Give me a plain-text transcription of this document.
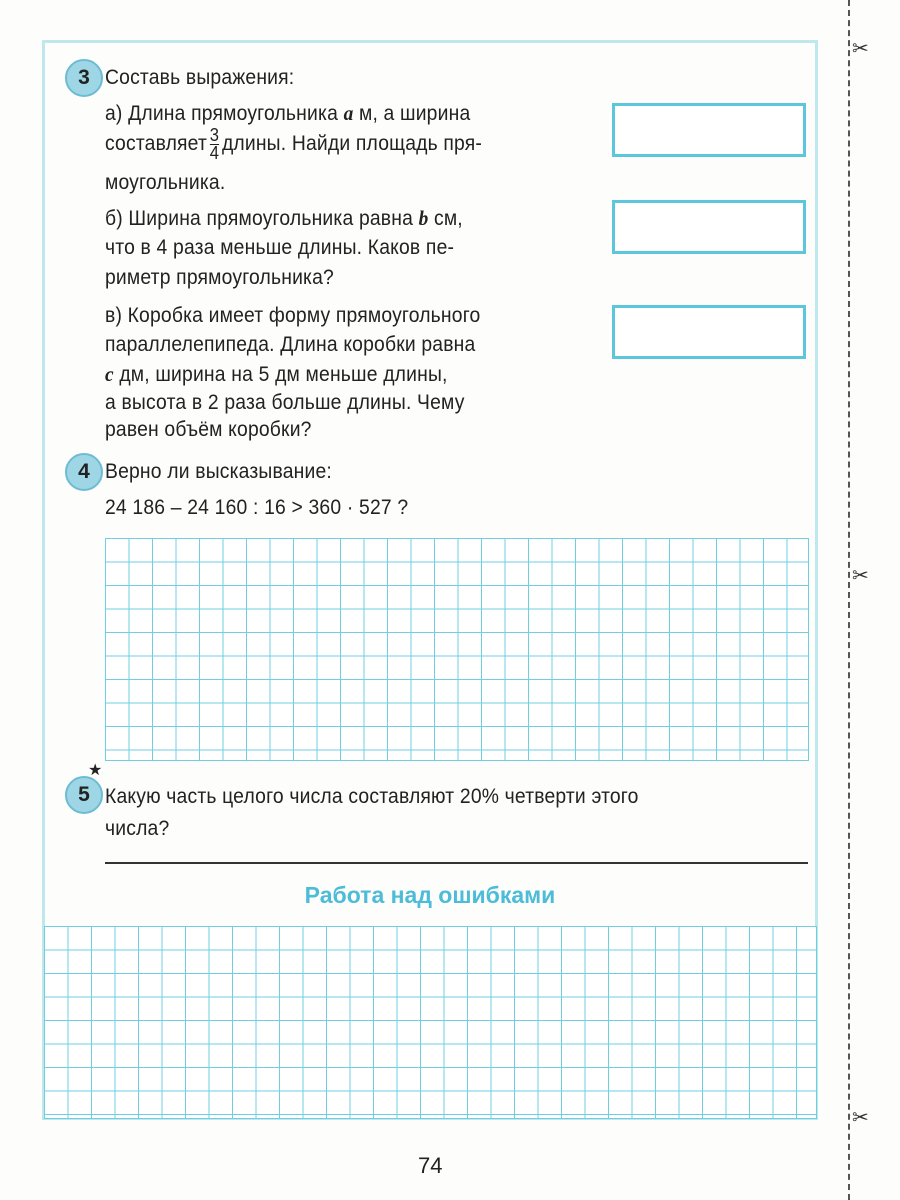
✂
✂
✂
3 Составь выражения:
а) Длина прямоугольника a м, а ширина
составляет $\frac{3}{4}$ длины. Найди площадь пря-
моугольника.
б) Ширина прямоугольника равна b см,
что в 4 раза меньше длины. Каков пе-
риметр прямоугольника?
в) Коробка имеет форму прямоугольного
параллелепипеда. Длина коробки равна
c дм, ширина на 5 дм меньше длины,
а высота в 2 раза больше длины. Чему
равен объём коробки?
4 Верно ли высказывание:
24 186 – 24 160 : 16 > 360 · 527 ?
★
5 Какую часть целого числа составляют 20% четверти этого
числа?
Работа над ошибками
74
